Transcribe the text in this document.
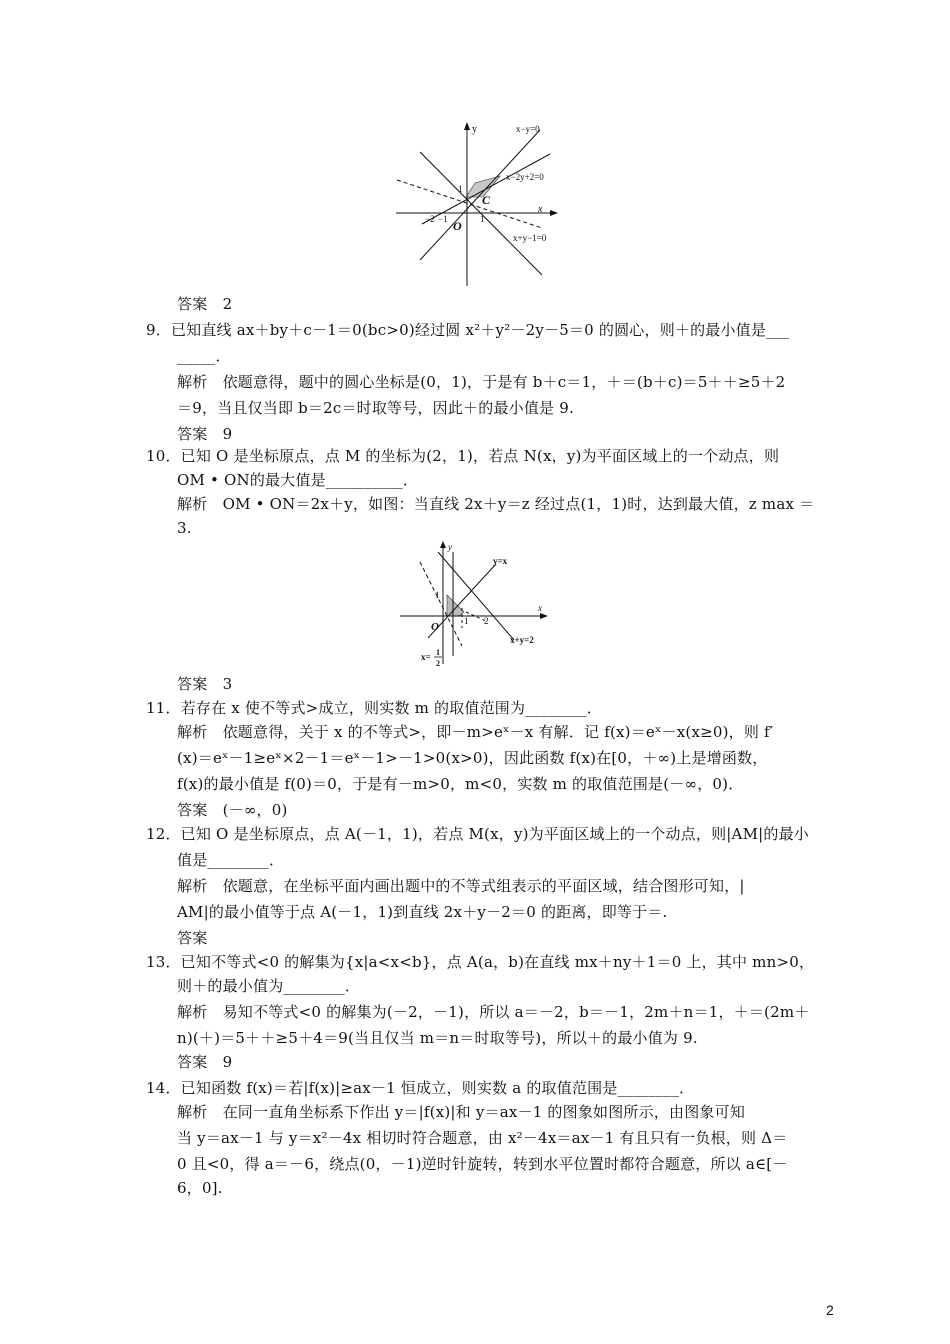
y
x
x−y=0
x−2y+2=0
x+y−1=0
C
O
−2 −1	1
1
答案　2
9．已知直线 ax＋by＋c－1＝0(bc>0)经过圆 x²＋y²－2y－5＝0 的圆心，则＋的最小值是___
_____．
解析　依题意得，题中的圆心坐标是(0，1)，于是有 b＋c＝1，＋＝(b＋c)＝5＋＋≥5＋2
＝9，当且仅当即 b＝2c＝时取等号，因此＋的最小值是 9.
答案　9
10．已知 O 是坐标原点，点 M 的坐标为(2，1)，若点 N(x，y)为平面区域上的一个动点，则
OM • ON的最大值是__________．
解析　OM • ON＝2x＋y，如图：当直线 2x＋y＝z 经过点(1，1)时，达到最大值，z max ＝
3.
y
x
y=x
x+y=2
O	1 2
1
x= 1
2
答案　3
11．若存在 x 使不等式>成立，则实数 m 的取值范围为________．
解析　依题意得，关于 x 的不等式>，即－m>eˣ－x 有解．记 f(x)＝eˣ－x(x≥0)，则 f′
(x)＝eˣ－1≥eˣ×2－1＝eˣ－1>－1>0(x>0)，因此函数 f(x)在[0，＋∞)上是增函数，
f(x)的最小值是 f(0)＝0，于是有－m>0，m<0，实数 m 的取值范围是(－∞，0)．
答案　(－∞，0)
12．已知 O 是坐标原点，点 A(－1，1)，若点 M(x，y)为平面区域上的一个动点，则|AM|的最小
值是________．
解析　依题意，在坐标平面内画出题中的不等式组表示的平面区域，结合图形可知，|
AM|的最小值等于点 A(－1，1)到直线 2x＋y－2＝0 的距离，即等于＝.
答案
13．已知不等式<0 的解集为{x|a<x<b}，点 A(a，b)在直线 mx＋ny＋1＝0 上，其中 mn>0，
则＋的最小值为________．
解析　易知不等式<0 的解集为(－2，－1)，所以 a＝－2，b＝－1，2m＋n＝1，＋＝(2m＋
n)(＋)＝5＋＋≥5＋4＝9(当且仅当 m＝n＝时取等号)，所以＋的最小值为 9.
答案　9
14．已知函数 f(x)＝若|f(x)|≥ax－1 恒成立，则实数 a 的取值范围是________．
解析　在同一直角坐标系下作出 y＝|f(x)|和 y＝ax－1 的图象如图所示，由图象可知
当 y＝ax－1 与 y＝x²－4x 相切时符合题意，由 x²－4x＝ax－1 有且只有一负根，则 Δ＝
0 且<0，得 a＝－6，绕点(0，－1)逆时针旋转，转到水平位置时都符合题意，所以 a∈[－
6，0].
2
